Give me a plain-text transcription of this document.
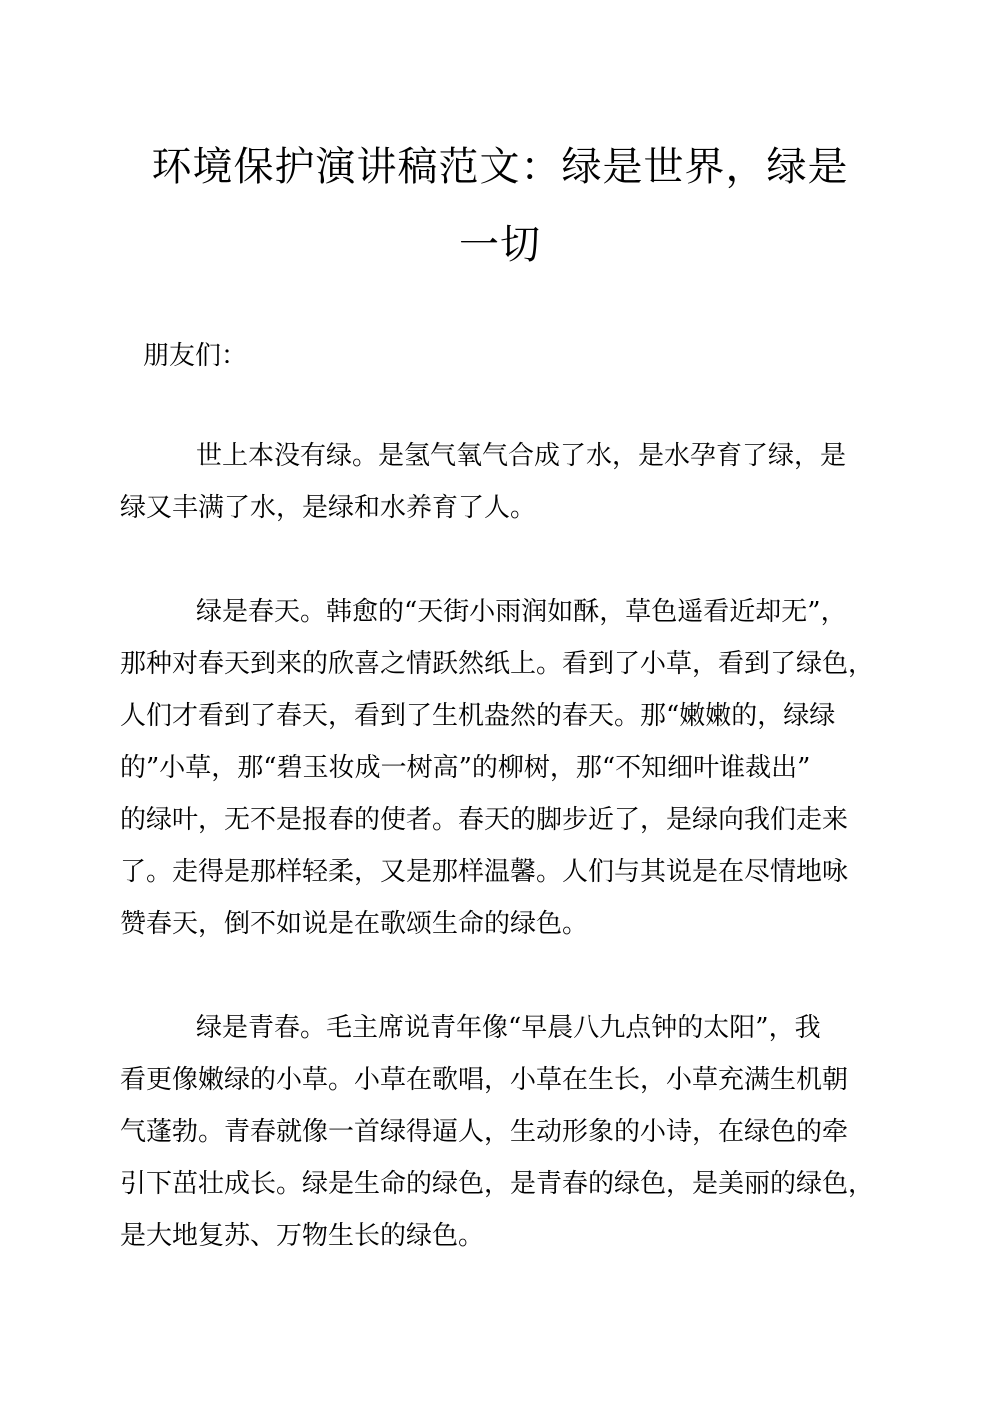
环境保护演讲稿范文：绿是世界，绿是
一切

朋友们：

世上本没有绿。是氢气氧气合成了水，是水孕育了绿，是
绿又丰满了水，是绿和水养育了人。
绿是春天。韩愈的“天街小雨润如酥，草色遥看近却无”，
那种对春天到来的欣喜之情跃然纸上。看到了小草，看到了绿色，
人们才看到了春天，看到了生机盎然的春天。那“嫩嫩的，绿绿
的”小草，那“碧玉妆成一树高”的柳树，那“不知细叶谁裁出”
的绿叶，无不是报春的使者。春天的脚步近了，是绿向我们走来
了。走得是那样轻柔，又是那样温馨。人们与其说是在尽情地咏
赞春天，倒不如说是在歌颂生命的绿色。
绿是青春。毛主席说青年像“早晨八九点钟的太阳”，我
看更像嫩绿的小草。小草在歌唱，小草在生长，小草充满生机朝
气蓬勃。青春就像一首绿得逼人，生动形象的小诗，在绿色的牵
引下茁壮成长。绿是生命的绿色，是青春的绿色，是美丽的绿色，
是大地复苏、万物生长的绿色。
